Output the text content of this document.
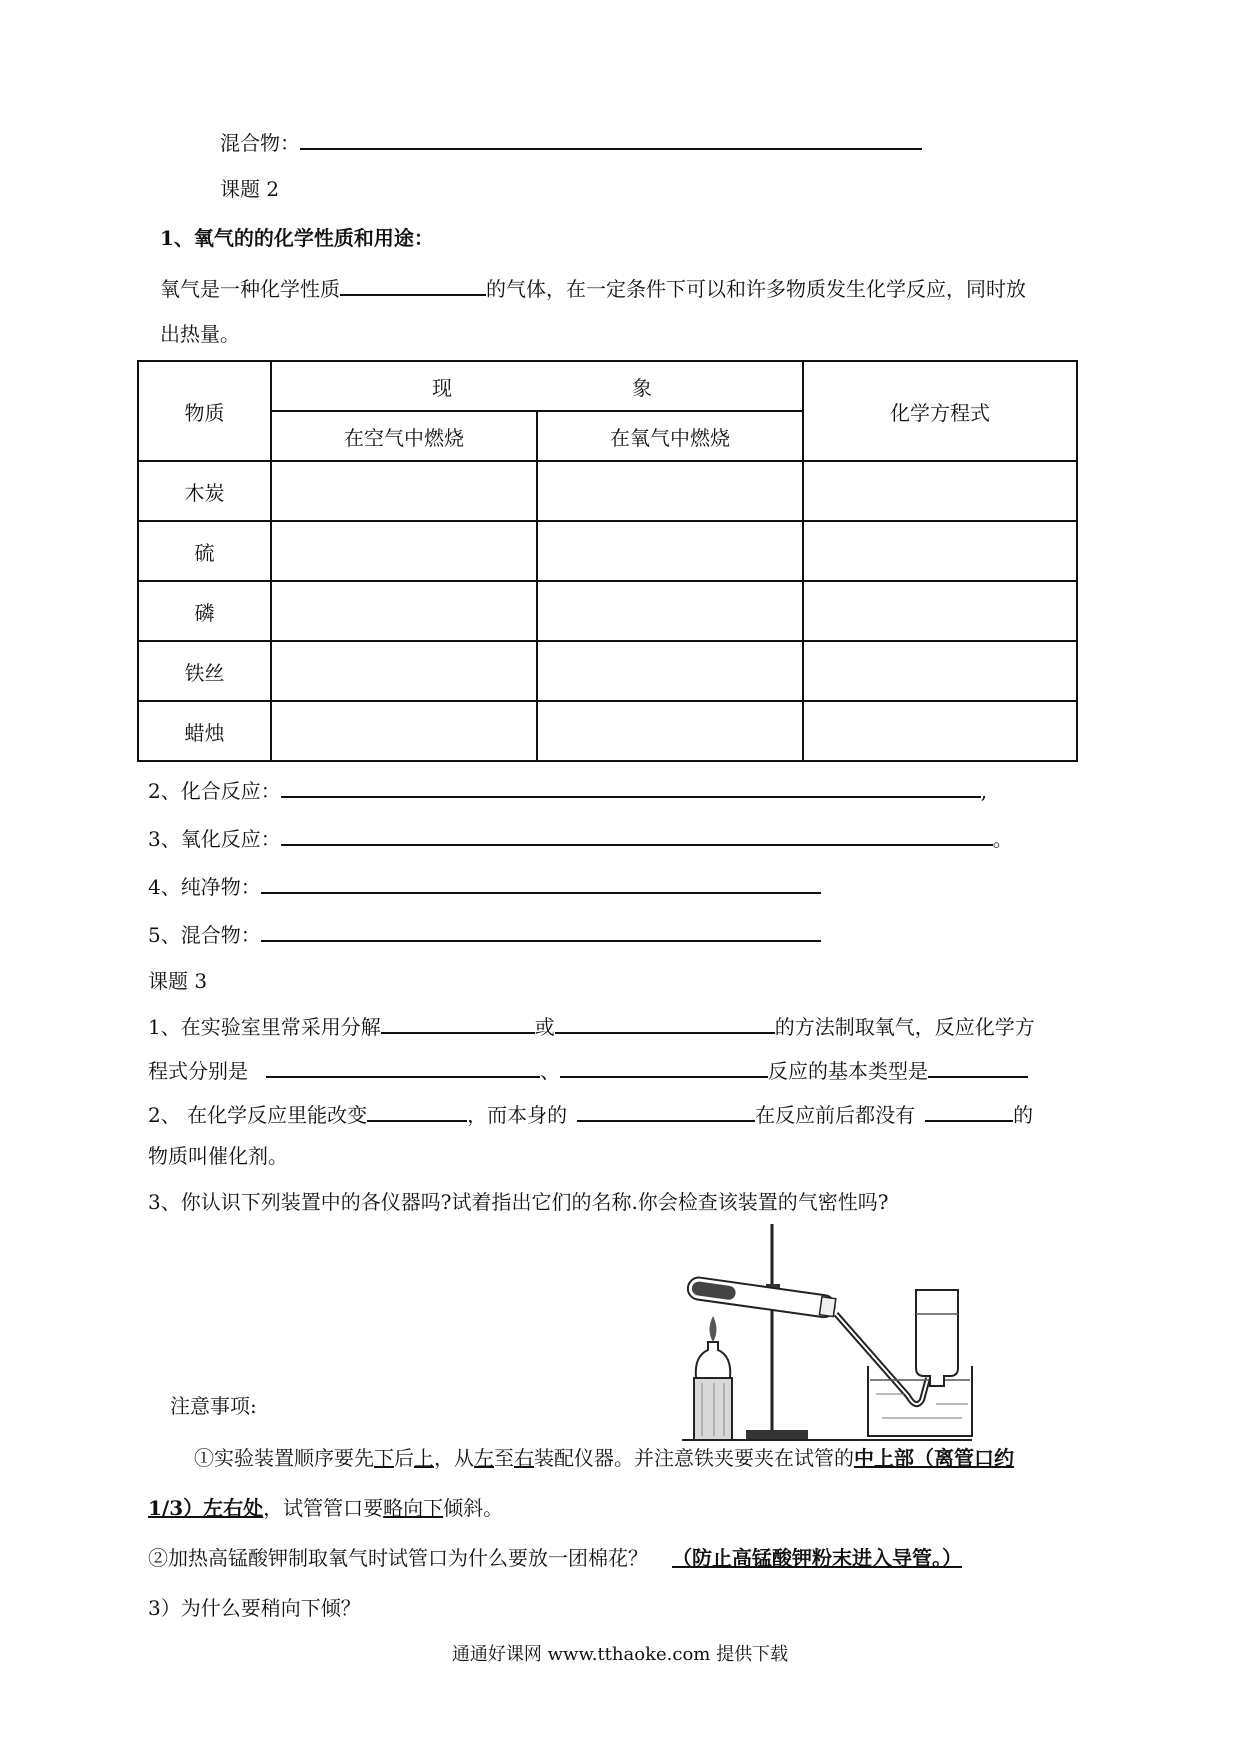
混合物：
课题 2
1、氧气的的化学性质和用途：
氧气是一种化学性质	的气体，在一定条件下可以和许多物质发生化学反应，同时放
出热量。
物质	现 象		化学方程式
	在空气中燃烧	在氧气中燃烧	
木炭			
硫			
磷			
铁丝			
蜡烛			
2、化合反应：	,
3、氧化反应：	。
4、纯净物：
5、混合物：
课题 3
1、在实验室里常采用分解	或	的方法制取氧气，反应化学方
程式分别是	、	反应的基本类型是
2、 在化学反应里能改变	，而本身的	在反应前后都没有	的
物质叫催化剂。
3、你认识下列装置中的各仪器吗?试着指出它们的名称.你会检查该装置的气密性吗?
注意事项:
①实验装置顺序要先下后上，从左至右装配仪器。并注意铁夹要夹在试管的中上部（离管口约
1/3）左右处，试管管口要略向下倾斜。
②加热高锰酸钾制取氧气时试管口为什么要放一团棉花？ （防止高锰酸钾粉末进入导管。）
3）为什么要稍向下倾？
通通好课网 www.tthaoke.com 提供下载
